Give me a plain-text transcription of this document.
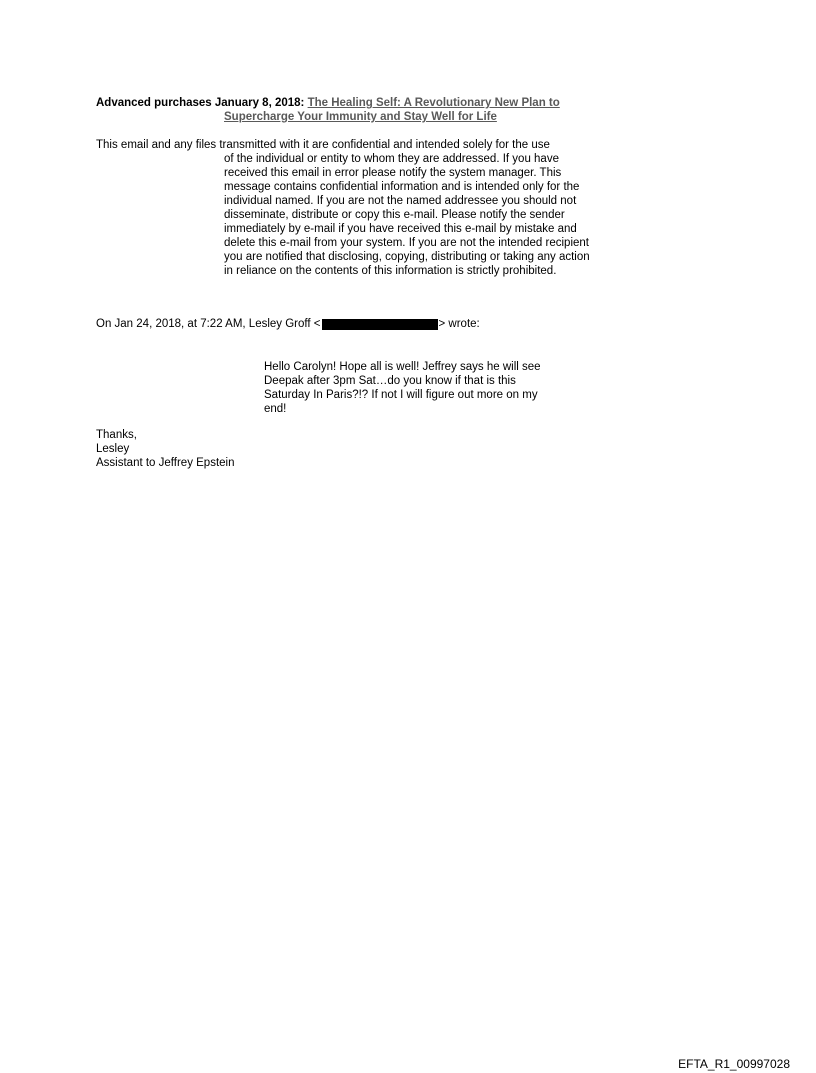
Advanced purchases January 8, 2018: The Healing Self: A Revolutionary New Plan to
Supercharge Your Immunity and Stay Well for Life
This email and any files transmitted with it are confidential and intended solely for the use
of the individual or entity to whom they are addressed. If you have received this email in error please notify the system manager. This message contains confidential information and is intended only for the individual named. If you are not the named addressee you should not disseminate, distribute or copy this e-mail. Please notify the sender immediately by e-mail if you have received this e-mail by mistake and delete this e-mail from your system. If you are not the intended recipient you are notified that disclosing, copying, distributing or taking any action in reliance on the contents of this information is strictly prohibited.
On Jan 24, 2018, at 7:22 AM, Lesley Groff <	> wrote:
Hello Carolyn! Hope all is well! Jeffrey says he will see Deepak after 3pm Sat…do you know if that is this Saturday In Paris?!? If not I will figure out more on my end!
Thanks,
Lesley
Assistant to Jeffrey Epstein
EFTA_R1_00997028
